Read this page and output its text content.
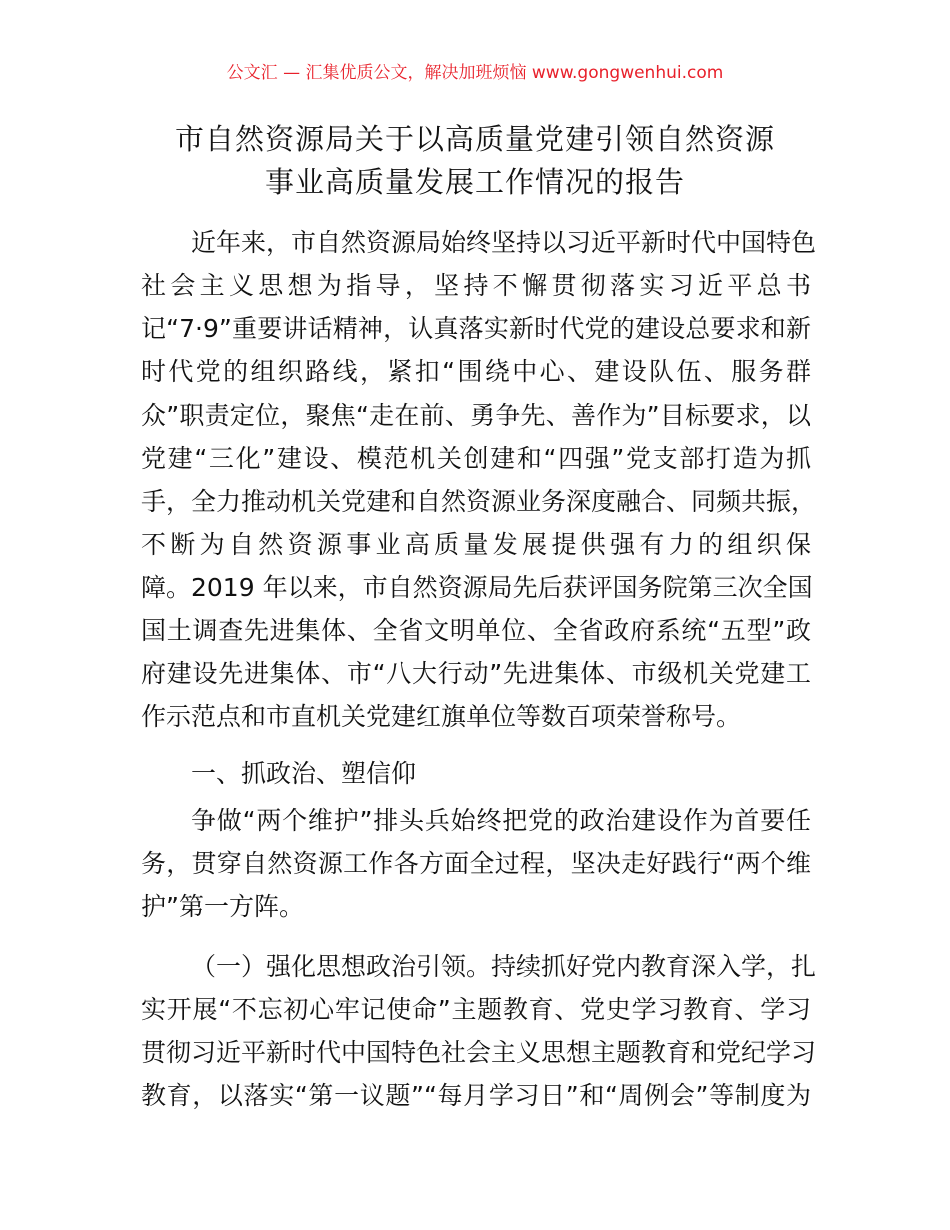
公文汇 — 汇集优质公文，解决加班烦恼 www.gongwenhui.com
市自然资源局关于以高质量党建引领自然资源
事业高质量发展工作情况的报告
近年来，市自然资源局始终坚持以习近平新时代中国特色
社会主义思想为指导，坚持不懈贯彻落实习近平总书
记“7·9”重要讲话精神，认真落实新时代党的建设总要求和新
时代党的组织路线，紧扣“围绕中心、建设队伍、服务群
众”职责定位，聚焦“走在前、勇争先、善作为”目标要求，以
党建“三化”建设、模范机关创建和“四强”党支部打造为抓
手，全力推动机关党建和自然资源业务深度融合、同频共振，
不断为自然资源事业高质量发展提供强有力的组织保
障。2019 年以来，市自然资源局先后获评国务院第三次全国
国土调查先进集体、全省文明单位、全省政府系统“五型”政
府建设先进集体、市“八大行动”先进集体、市级机关党建工
作示范点和市直机关党建红旗单位等数百项荣誉称号。
一、抓政治、塑信仰
争做“两个维护”排头兵始终把党的政治建设作为首要任
务，贯穿自然资源工作各方面全过程，坚决走好践行“两个维
护”第一方阵。
（一）强化思想政治引领。持续抓好党内教育深入学，扎
实开展“不忘初心牢记使命”主题教育、党史学习教育、学习
贯彻习近平新时代中国特色社会主义思想主题教育和党纪学习
教育，以落实“第一议题”“每月学习日”和“周例会”等制度为
